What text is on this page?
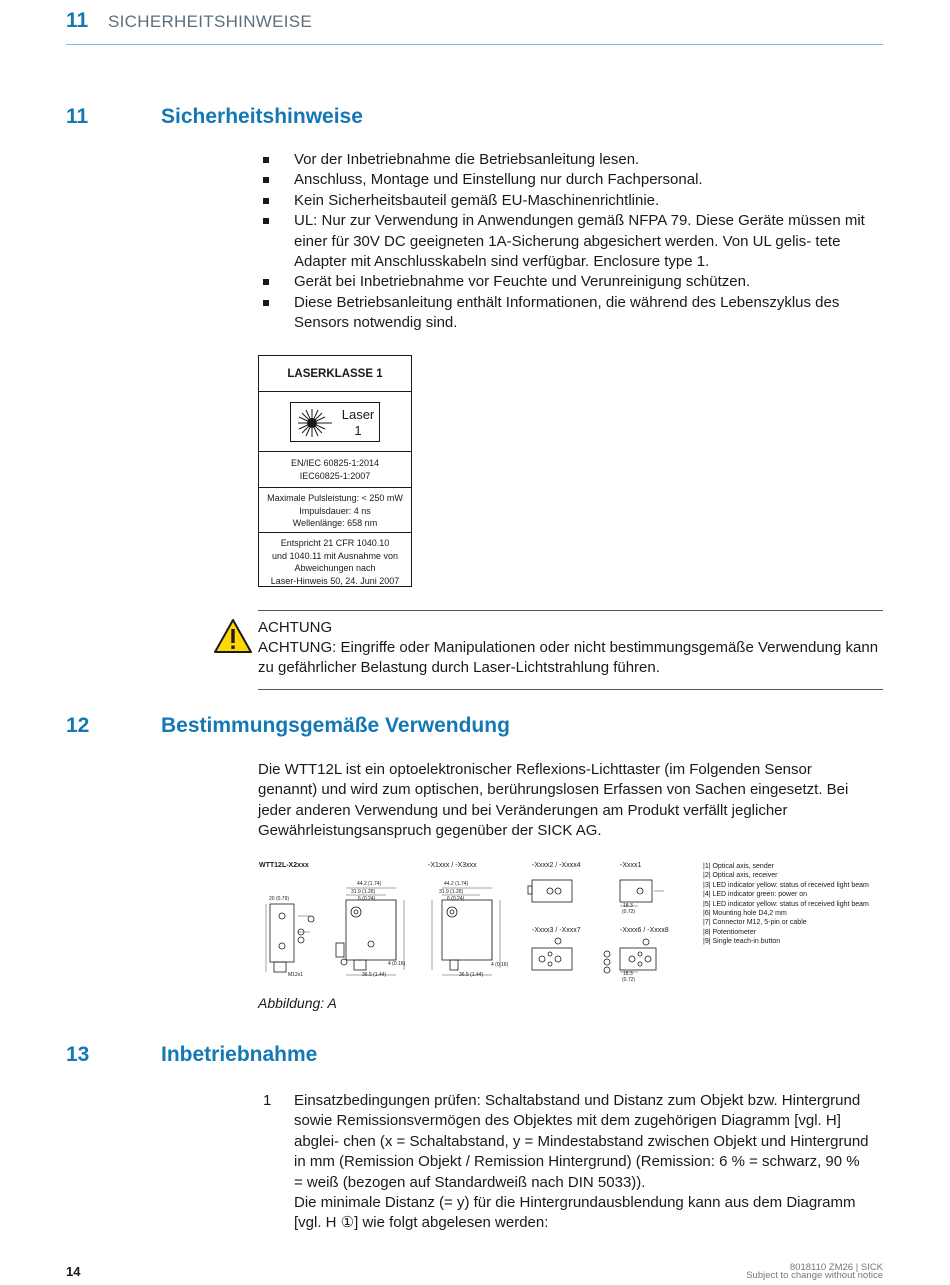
11 SICHERHEITSHINWEISE
11	Sicherheitshinweise
Vor der Inbetriebnahme die Betriebsanleitung lesen.
Anschluss, Montage und Einstellung nur durch Fachpersonal.
Kein Sicherheitsbauteil gemäß EU-Maschinenrichtlinie.
UL: Nur zur Verwendung in Anwendungen gemäß NFPA 79. Diese Geräte müssen mit einer für 30V DC geeigneten 1A-Sicherung abgesichert werden. Von UL gelis- tete Adapter mit Anschlusskabeln sind verfügbar. Enclosure type 1.
Gerät bei Inbetriebnahme vor Feuchte und Verunreinigung schützen.
Diese Betriebsanleitung enthält Informationen, die während des Lebenszyklus des Sensors notwendig sind.
LASERKLASSE 1
Laser
1
EN/IEC 60825-1:2014
IEC60825-1:2007
Maximale Pulsleistung: < 250 mW
Impulsdauer: 4 ns
Wellenlänge: 658 nm
Entspricht 21 CFR 1040.10
und 1040.11 mit Ausnahme von
Abweichungen nach
Laser-Hinweis 50, 24. Juni 2007
ACHTUNG
ACHTUNG: Eingriffe oder Manipulationen oder nicht bestimmungsgemäße Verwendung kann zu gefährlicher Belastung durch Laser-Lichtstrahlung führen.
12	Bestimmungsgemäße Verwendung
Die WTT12L ist ein optoelektronischer Reflexions-Lichttaster (im Folgenden Sensor genannt) und wird zum optischen, berührungslosen Erfassen von Sachen eingesetzt. Bei jeder anderen Verwendung und bei Veränderungen am Produkt verfällt jeglicher Gewährleistungsanspruch gegenüber der SICK AG.
WTT12L-X2xxx	-X1xxx / -X3xxx	-Xxxx2 / -Xxxx4	-Xxxx1
-Xxxx3 / -Xxxx7	-Xxxx6 / -Xxxx8
44.2 (1.74)
31.9 (1.26)
6 (0.24)
20 (0.79)
M12x1	36.5 (1.44)
4 (0.16)
44.2 (1.74)
31.9 (1.26)
6 (0.24)
36.5 (1.44)
4 (0.16)
18.3
(0.72)
18.3
(0.72)
|1| Optical axis, sender
|2| Optical axis, receiver
|3| LED indicator yellow: status of received light beam
|4| LED indicator green: power on
|5| LED indicator yellow: status of received light beam
|6| Mounting hole D4,2 mm
|7| Connector M12, 5-pin or cable
|8| Potentiometer
|9| Single teach-in button
Abbildung: A
13	Inbetriebnahme
1 Einsatzbedingungen prüfen: Schaltabstand und Distanz zum Objekt bzw. Hintergrund sowie Remissionsvermögen des Objektes mit dem zugehörigen Diagramm [vgl. H] abglei- chen (x = Schaltabstand, y = Mindestabstand zwischen Objekt und Hintergrund in mm (Remission Objekt / Remission Hintergrund) (Remission: 6 % = schwarz, 90 % = weiß (bezogen auf Standardweiß nach DIN 5033)).
Die minimale Distanz (= y) für die Hintergrundausblendung kann aus dem Diagramm [vgl. H ①] wie folgt abgelesen werden:
14	8018110 ZM26 | SICK
Subject to change without notice
